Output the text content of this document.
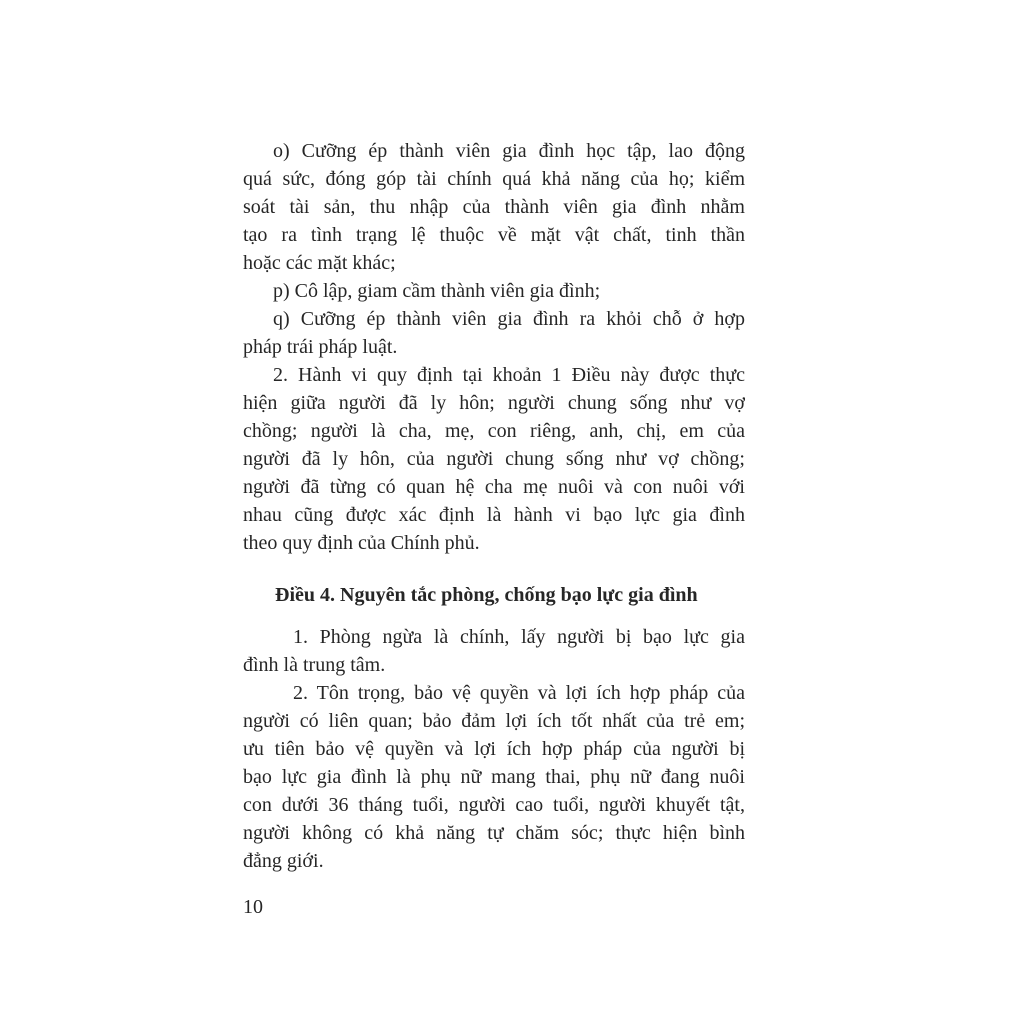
o) Cưỡng ép thành viên gia đình học tập, lao động
quá sức, đóng góp tài chính quá khả năng của họ; kiểm
soát tài sản, thu nhập của thành viên gia đình nhằm
tạo ra tình trạng lệ thuộc về mặt vật chất, tinh thần
hoặc các mặt khác;
p) Cô lập, giam cầm thành viên gia đình;
q) Cưỡng ép thành viên gia đình ra khỏi chỗ ở hợp
pháp trái pháp luật.
2. Hành vi quy định tại khoản 1 Điều này được thực
hiện giữa người đã ly hôn; người chung sống như vợ
chồng; người là cha, mẹ, con riêng, anh, chị, em của
người đã ly hôn, của người chung sống như vợ chồng;
người đã từng có quan hệ cha mẹ nuôi và con nuôi với
nhau cũng được xác định là hành vi bạo lực gia đình
theo quy định của Chính phủ.
Điều 4. Nguyên tắc phòng, chống bạo lực gia đình
1. Phòng ngừa là chính, lấy người bị bạo lực gia
đình là trung tâm.
2. Tôn trọng, bảo vệ quyền và lợi ích hợp pháp của
người có liên quan; bảo đảm lợi ích tốt nhất của trẻ em;
ưu tiên bảo vệ quyền và lợi ích hợp pháp của người bị
bạo lực gia đình là phụ nữ mang thai, phụ nữ đang nuôi
con dưới 36 tháng tuổi, người cao tuổi, người khuyết tật,
người không có khả năng tự chăm sóc; thực hiện bình
đẳng giới.
10
